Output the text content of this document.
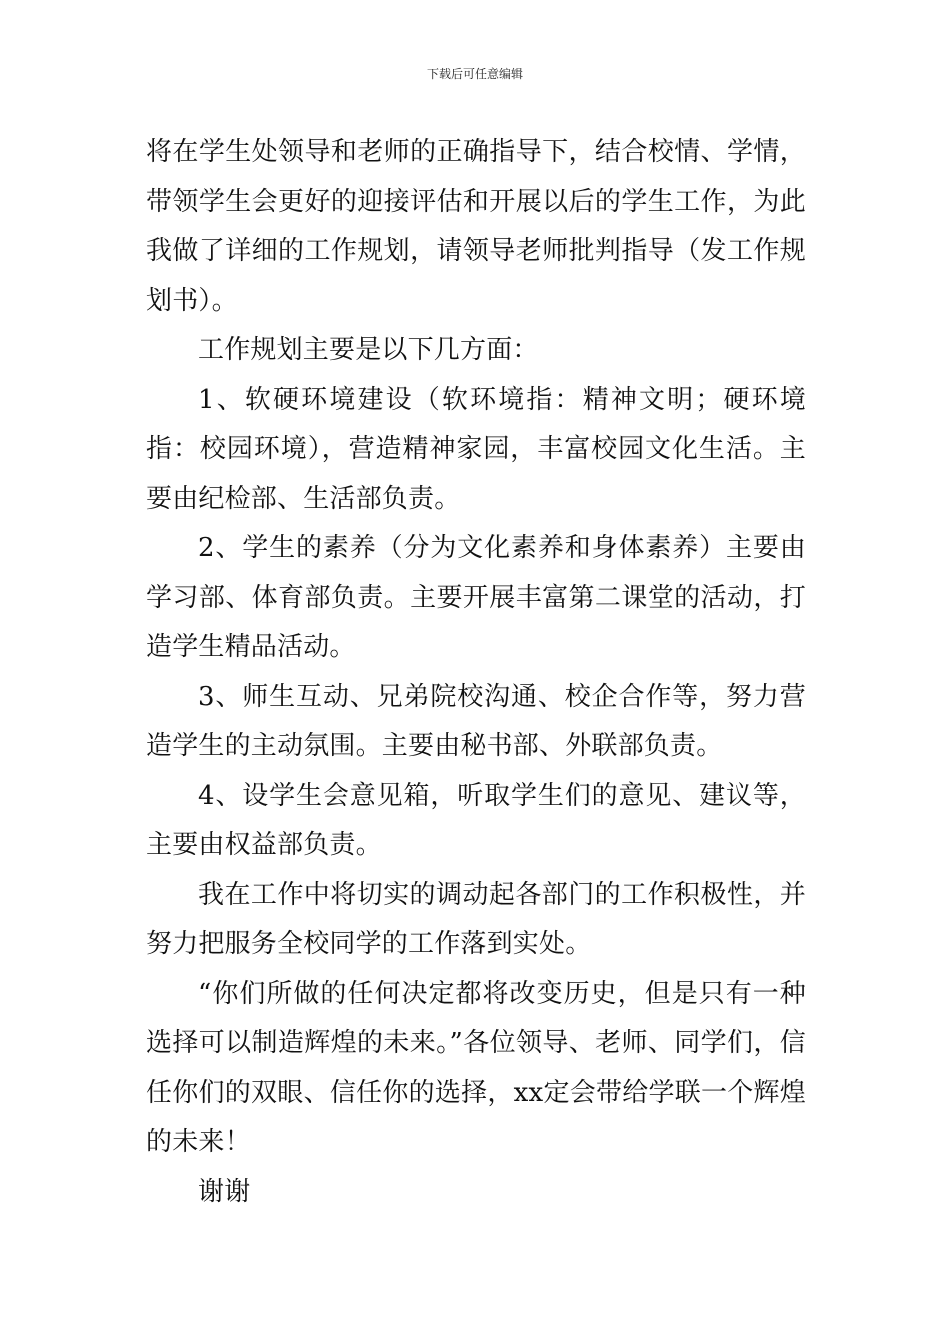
下载后可任意编辑

将在学生处领导和老师的正确指导下，结合校情、学情，带领学生会更好的迎接评估和开展以后的学生工作，为此我做了详细的工作规划，请领导老师批判指导（发工作规划书）。

工作规划主要是以下几方面：

1、软硬环境建设（软环境指：精神文明；硬环境指：校园环境），营造精神家园，丰富校园文化生活。主要由纪检部、生活部负责。

2、学生的素养（分为文化素养和身体素养）主要由学习部、体育部负责。主要开展丰富第二课堂的活动，打造学生精品活动。

3、师生互动、兄弟院校沟通、校企合作等，努力营造学生的主动氛围。主要由秘书部、外联部负责。

4、设学生会意见箱，听取学生们的意见、建议等，主要由权益部负责。

我在工作中将切实的调动起各部门的工作积极性，并努力把服务全校同学的工作落到实处。

“你们所做的任何决定都将改变历史，但是只有一种选择可以制造辉煌的未来。”各位领导、老师、同学们，信任你们的双眼、信任你的选择，xx定会带给学联一个辉煌的未来！

谢谢
